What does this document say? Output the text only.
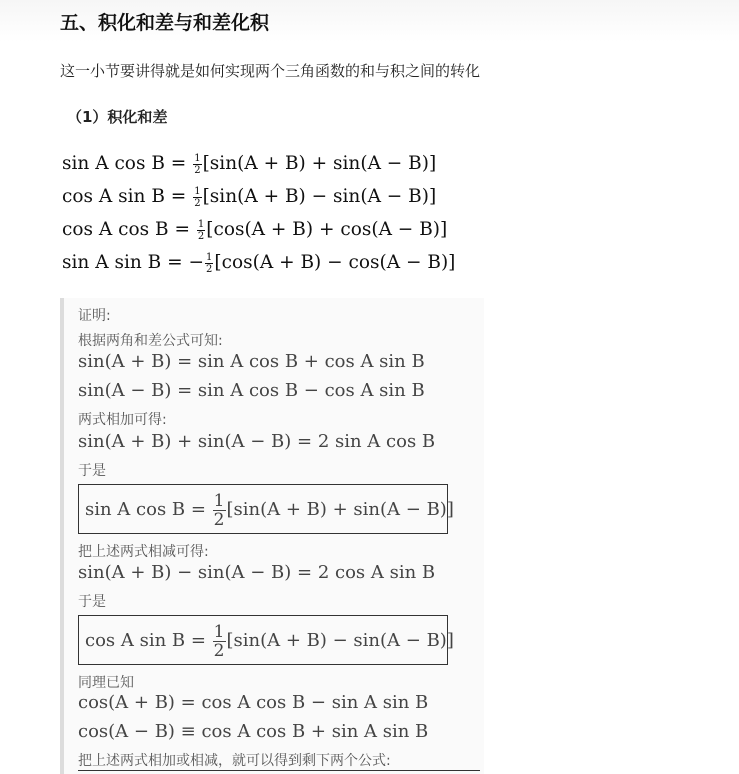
五、积化和差与和差化积
这一小节要讲得就是如何实现两个三角函数的和与积之间的转化
（1）积化和差
sin A $\cos B = \frac{1}{2} [\sin(A + B) + \sin(A - B)]$
cos A $\sin B = \frac{1}{2} [\sin(A + B) - \sin(A - B)]$
cos A $\cos B = \frac{1}{2} [\cos(A + B) + \cos(A - B)]$
sin A sin B = − $\frac{1}{2} [\cos(A + B) - \cos(A - B)]$
证明:
根据两角和差公式可知:
sin(A + B) = sin A cos B + cos A sin B
sin(A − B) = sin A cos B − cos A sin B
两式相加可得:
sin(A + B) + sin(A − B) = 2 sin A cos B
于是
sin A $\cos B = \frac{1}{2} [\sin(A + B) + \sin(A - B)]$
把上述两式相减可得:
sin(A + B) − sin(A − B) = 2 cos A sin B
于是
cos A $\sin B = \frac{1}{2} [\sin(A + B) - \sin(A - B)]$
同理已知
cos(A + B) = cos A cos B − sin A sin B
cos(A − B) ≡ cos A cos B + sin A sin B
把上述两式相加或相减，就可以得到剩下两个公式:
